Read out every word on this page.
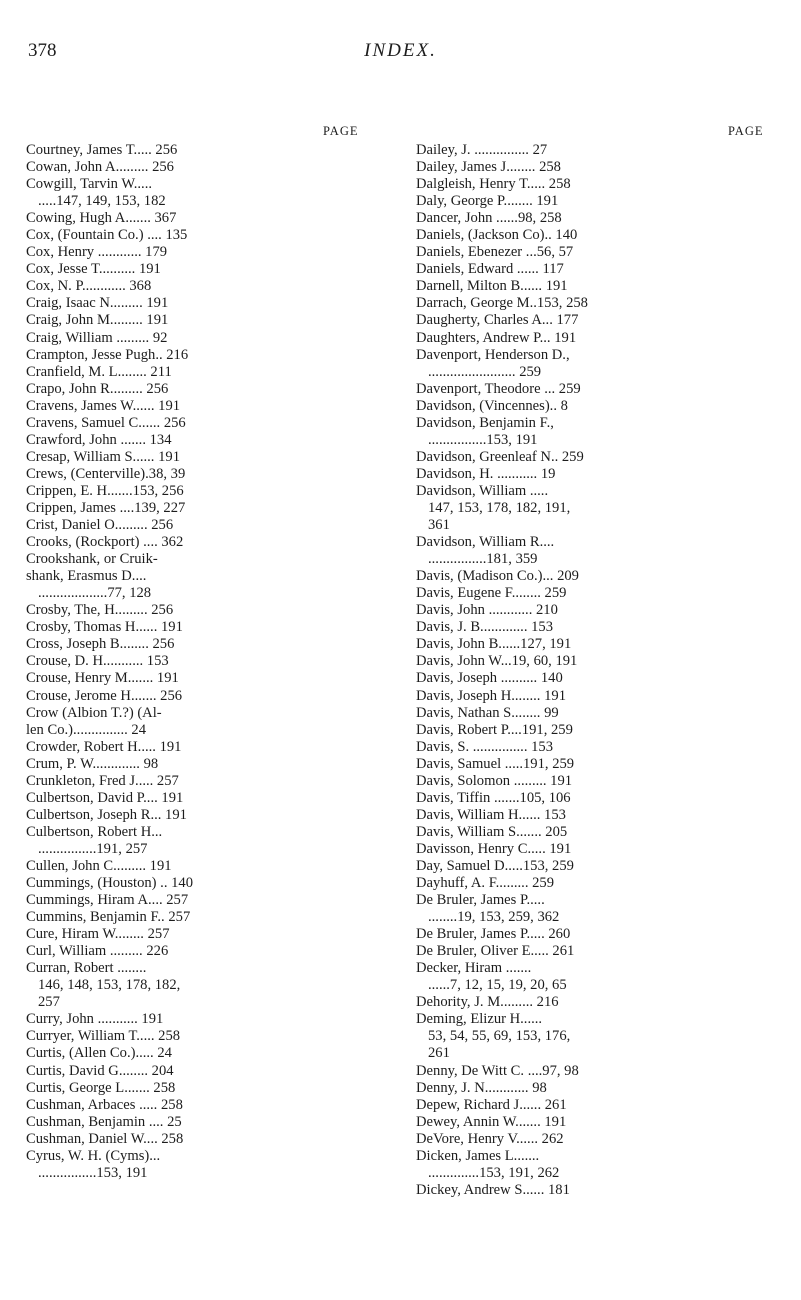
378	INDEX.
PAGE	PAGE
Courtney, James T..... 256
Cowan, John A......... 256
Cowgill, Tarvin W.....
.....147, 149, 153, 182
Cowing, Hugh A....... 367
Cox, (Fountain Co.) .... 135
Cox, Henry ............ 179
Cox, Jesse T.......... 191
Cox, N. P............ 368
Craig, Isaac N......... 191
Craig, John M......... 191
Craig, William ......... 92
Crampton, Jesse Pugh.. 216
Cranfield, M. L........ 211
Crapo, John R......... 256
Cravens, James W...... 191
Cravens, Samuel C...... 256
Crawford, John ....... 134
Cresap, William S...... 191
Crews, (Centerville).38, 39
Crippen, E. H.......153, 256
Crippen, James ....139, 227
Crist, Daniel O......... 256
Crooks, (Rockport) .... 362
Crookshank, or Cruik-
shank, Erasmus D....
...................77, 128
Crosby, The, H......... 256
Crosby, Thomas H...... 191
Cross, Joseph B........ 256
Crouse, D. H........... 153
Crouse, Henry M....... 191
Crouse, Jerome H....... 256
Crow (Albion T.?) (Al-
len Co.)............... 24
Crowder, Robert H..... 191
Crum, P. W............. 98
Crunkleton, Fred J..... 257
Culbertson, David P.... 191
Culbertson, Joseph R... 191
Culbertson, Robert H...
................191, 257
Cullen, John C......... 191
Cummings, (Houston) .. 140
Cummings, Hiram A.... 257
Cummins, Benjamin F.. 257
Cure, Hiram W........ 257
Curl, William ......... 226
Curran, Robert ........
146, 148, 153, 178, 182,
257
Curry, John ........... 191
Curryer, William T..... 258
Curtis, (Allen Co.)..... 24
Curtis, David G........ 204
Curtis, George L....... 258
Cushman, Arbaces ..... 258
Cushman, Benjamin .... 25
Cushman, Daniel W.... 258
Cyrus, W. H. (Cyms)...
................153, 191
Dailey, J. ............... 27
Dailey, James J........ 258
Dalgleish, Henry T..... 258
Daly, George P........ 191
Dancer, John ......98, 258
Daniels, (Jackson Co).. 140
Daniels, Ebenezer ...56, 57
Daniels, Edward ...... 117
Darnell, Milton B...... 191
Darrach, George M..153, 258
Daugherty, Charles A... 177
Daughters, Andrew P... 191
Davenport, Henderson D.,
........................ 259
Davenport, Theodore ... 259
Davidson, (Vincennes).. 8
Davidson, Benjamin F.,
................153, 191
Davidson, Greenleaf N.. 259
Davidson, H. ........... 19
Davidson, William .....
147, 153, 178, 182, 191,
361
Davidson, William R....
................181, 359
Davis, (Madison Co.)... 209
Davis, Eugene F........ 259
Davis, John ............ 210
Davis, J. B............. 153
Davis, John B......127, 191
Davis, John W...19, 60, 191
Davis, Joseph .......... 140
Davis, Joseph H........ 191
Davis, Nathan S........ 99
Davis, Robert P....191, 259
Davis, S. ............... 153
Davis, Samuel .....191, 259
Davis, Solomon ......... 191
Davis, Tiffin .......105, 106
Davis, William H...... 153
Davis, William S....... 205
Davisson, Henry C..... 191
Day, Samuel D.....153, 259
Dayhuff, A. F......... 259
De Bruler, James P.....
........19, 153, 259, 362
De Bruler, James P..... 260
De Bruler, Oliver E..... 261
Decker, Hiram .......
......7, 12, 15, 19, 20, 65
Dehority, J. M......... 216
Deming, Elizur H......
53, 54, 55, 69, 153, 176,
261
Denny, De Witt C. ....97, 98
Denny, J. N............ 98
Depew, Richard J...... 261
Dewey, Annin W....... 191
DeVore, Henry V...... 262
Dicken, James L.......
..............153, 191, 262
Dickey, Andrew S...... 181
